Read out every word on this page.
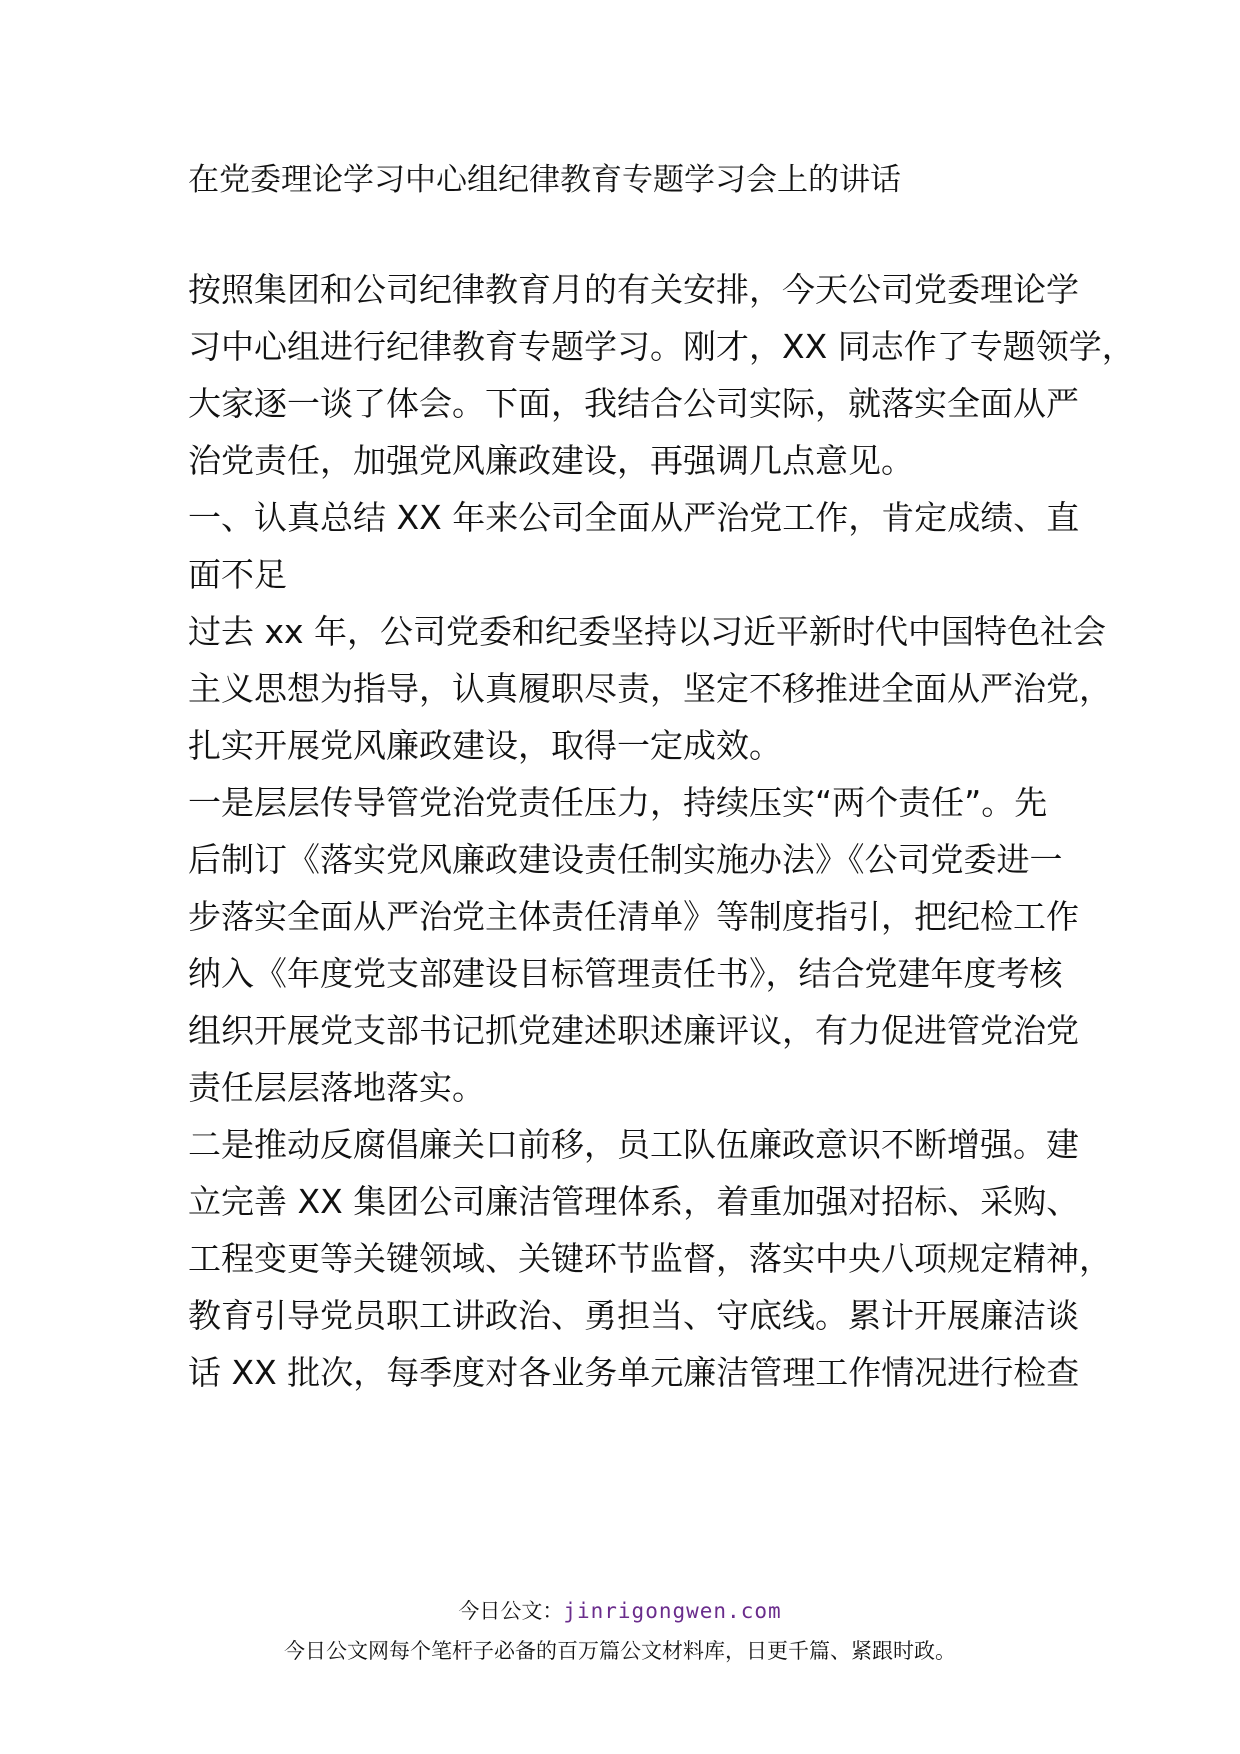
在党委理论学习中心组纪律教育专题学习会上的讲话
按照集团和公司纪律教育月的有关安排，今天公司党委理论学
习中心组进行纪律教育专题学习。刚才，XX 同志作了专题领学，
大家逐一谈了体会。下面，我结合公司实际，就落实全面从严
治党责任，加强党风廉政建设，再强调几点意见。
一、认真总结 XX 年来公司全面从严治党工作，肯定成绩、直
面不足
过去 xx 年，公司党委和纪委坚持以习近平新时代中国特色社会
主义思想为指导，认真履职尽责，坚定不移推进全面从严治党，
扎实开展党风廉政建设，取得一定成效。
一是层层传导管党治党责任压力，持续压实“两个责任”。先
后制订《落实党风廉政建设责任制实施办法》《公司党委进一
步落实全面从严治党主体责任清单》等制度指引，把纪检工作
纳入《年度党支部建设目标管理责任书》，结合党建年度考核
组织开展党支部书记抓党建述职述廉评议，有力促进管党治党
责任层层落地落实。
二是推动反腐倡廉关口前移，员工队伍廉政意识不断增强。建
立完善 XX 集团公司廉洁管理体系，着重加强对招标、采购、
工程变更等关键领域、关键环节监督，落实中央八项规定精神，
教育引导党员职工讲政治、勇担当、守底线。累计开展廉洁谈
话 XX 批次，每季度对各业务单元廉洁管理工作情况进行检查
今日公文：jinrigongwen.com
今日公文网每个笔杆子必备的百万篇公文材料库，日更千篇、紧跟时政。
